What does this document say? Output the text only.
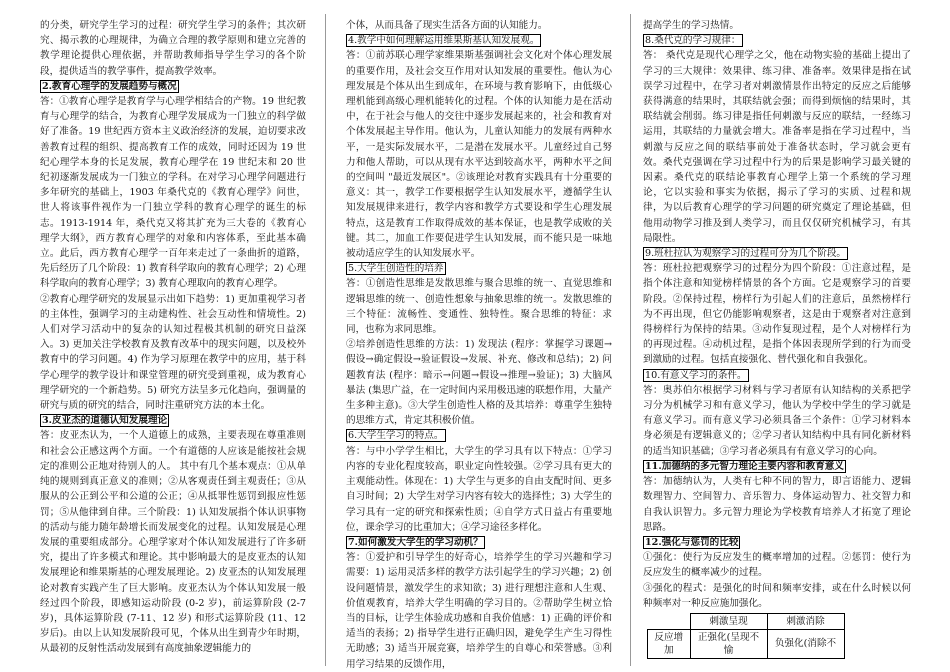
的分类，研究学生学习的过程：研究学生学习的条件；其次研究、揭示教的心理规律，为确立合理的教学原则和建立完善的教学理论提供心理依据，并帮助教师指导学生学习的各个阶段，提供适当的教学事件，提高教学效率。

2.教育心理学的发展趋势与概况

答：①教育心理学是教育学与心理学相结合的产物。19 世纪教育与心理学的结合，为教育心理学发展成为一门独立的科学做好了准备。19 世纪西方资本主义政治经济的发展，迫切要求改善教育过程的组织、提高教育工作的成效，同时还因为 19 世纪心理学本身的长足发展，教育心理学在 19 世纪末和 20 世纪初逐渐发展成为一门独立的学科。在对学习心理学问题进行多年研究的基础上，1903 年桑代克的《教育心理学》问世，世人将该事件视作为一门独立学科的教育心理学的诞生的标志。1913-1914 年，桑代克又将其扩充为三大卷的《教育心理学大纲》，西方教育心理学的对象和内容体系，至此基本确立。此后，西方教育心理学一百年来走过了一条曲折的道路，先后经历了几个阶段：1) 教育科学取向的教育心理学；2) 心理科学取向的教育心理学；3) 教育心理取向的教育心理学。

②教育心理学研究的发展显示出如下趋势：1) 更加重视学习者的主体性，强调学习的主动建构性、社会互动性和情境性。2) 人们对学习活动中的复杂的认知过程极其机制的研究日益深入。3) 更加关注学校教育及教育改革中的现实问题，以及校外教育中的学习问题。4) 作为学习原理在教学中的应用，基于科学心理学的教学设计和课堂管理的研究受到重视，成为教育心理学研究的一个新趋势。5) 研究方法呈多元化趋向，强调量的研究与质的研究的结合，同时注重研究方法的本土化。

3.皮亚杰的道德认知发展理论

答：皮亚杰认为，一个人道德上的成熟，主要表现在尊重准则和社会公正感这两个方面。一个有道德的人应该是能按社会规定的准则公正地对待别人的人。 其中有几个基本观点：①从单纯的规则到真正意义的准则；②从客观责任到主观责任；③从服从的公正到公平和公道的公正；④从抵罪性惩罚到报应性惩罚；⑤从他律到自律。三个阶段：1) 认知发展指个体认识事物的活动与能力随年龄增长而发展变化的过程。认知发展是心理发展的重要组成部分。心理学家对个体认知发展进行了许多研究，提出了许多模式和理论。其中影响最大的是皮亚杰的认知发展理论和维果斯基的心理发展理论。2) 皮亚杰的认知发展理论对教育实践产生了巨大影响。皮亚杰认为个体认知发展一般经过四个阶段，即感知运动阶段 (0-2 岁)，前运算阶段 (2-7 岁)，具体运算阶段 (7-11、12 岁) 和形式运算阶段 (11、12 岁后)。由以上认知发展阶段可见，个体从出生到青少年时期，从最初的反射性活动发展到有高度抽象逻辑能力的

个体，从而具备了现实生活各方面的认知能力。

4.教学中如何理解运用维果斯基认知发展观。

答：①前苏联心理学家维果斯基强调社会文化对个体心理发展的重要作用，及社会交互作用对认知发展的重要性。他认为心理发展是个体从出生到成年，在环境与教育影响下，由低级心理机能到高级心理机能转化的过程。个体的认知能力是在活动中，在于社会与他人的交往中逐步发展起来的，社会和教育对个体发展起主导作用。他认为，儿童认知能力的发展有两种水平，一是实际发展水平，二是潜在发展水平。儿童经过自己努力和他人帮助，可以从现有水平达到较高水平，两种水平之间的空间叫 "最近发展区"。②该理论对教育实践具有十分重要的意义：其一，教学工作要根据学生认知发展水平，遵循学生认知发展规律来进行，教学内容和教学方式要设和学生心理发展特点，这是教育工作取得成效的基本保证，也是教学成败的关键。其二，加血工作要促进学生认知发展，而不能只是一味地被动适应学生的认知发展水平。

5.大学生创造性的培养

答：①创造性思维是发散思维与聚合思维的统一、直觉思维和逻辑思维的统一、创造性想象与抽象思维的统一。发散思维的三个特征：流畅性、变通性、独特性。聚合思维的特征：求同，也称为求同思维。

②培养创造性思维的方法：1) 发现法 (程序：掌握学习课题→假设→确定假设→验证假设→发展、补充、修改和总结)；2) 问题教育法 (程序：暗示→问题→假设→推理→验证)；3) 大脑风暴法 (集思广益，在一定时间内采用极迅速的联想作用，大量产生多种主意)。③大学生创造性人格的及其培养：尊重学生独特的思维方式，肯定其积极价值。

6.大学生学习的特点。

答：与中小学学生相比，大学生的学习具有以下特点：①学习内容的专业化程度较高，职业定向性较强。②学习具有更大的主观能动性。体现在：1) 大学生与更多的自由支配时间、更多自习时间；2) 大学生对学习内容有较大的选择性；3) 大学生的学习具有一定的研究和探索性质；④自学方式日益占有重要地位，课余学习的比重加大；④学习途径多样化。

7.如何激发大学生的学习动机？

答：①爱护和引导学生的好奇心，培养学生的学习兴趣和学习需要：1) 运用灵活多样的教学方法引起学生的学习兴趣；2) 创设问题情景，激发学生的求知欲；3) 进行理想注意和人生观、价值观教育，培养大学生明确的学习目的。②帮助学生树立恰当的目标，让学生体验成功感和自我价值感：1) 正确的评价和适当的表扬；2) 指导学生进行正确归因，避免学生产生习得性无助感；3) 适当开展竞赛，培养学生的自尊心和荣誉感。③利用学习结果的反馈作用，

提高学生的学习热情。

8.桑代克的学习规律：

答： 桑代克是现代心理学之父，他在动物实验的基础上提出了学习的三大规律：效果律、练习律、准备率。效果律是指在试误学习过程中，在学习者对刺激情景作出特定的反应之后能够获得满意的结果时，其联结就会强；而得到烦恼的结果时，其联结就会削弱。练习律是指任何刺激与反应的联结，一经练习运用，其联结的力量就会增大。准备率是指在学习过程中，当刺激与反应之间的联结事前处于准备状态时，学习就会更有效。桑代克强调在学习过程中行为的后果是影响学习最关键的因素。桑代克的联结论事教育心理学上第一个系统的学习理论，它以实验和事实为依据，揭示了学习的实质、过程和规律，为以后教育心理学的学习问题的研究奠定了理论基础，但他用动物学习推及到人类学习，而且仅仅研究机械学习，有其局限性。

9.班杜拉认为观察学习的过程可分为几个阶段。

答：班杜拉把观察学习的过程分为四个阶段：①注意过程，是指个体注意和知觉榜样情景的各个方面。它是观察学习的首要阶段。②保持过程，榜样行为引起人们的注意后，虽然榜样行为不再出现，但它仍能影响观察者，这是由于观察者对注意到得榜样行为保持的结果。③动作复现过程，是个人对榜样行为的再现过程。④动机过程，是指个体因表现所学到的行为而受到激励的过程。包括直接强化、替代强化和自我强化。

10.有意义学习的条件。

答：奥苏伯尔根据学习材料与学习者原有认知结构的关系把学习分为机械学习和有意义学习，他认为学校中学生的学习就是有意义学习。而有意义学习必须具备三个条件：①学习材料本身必须是有逻辑意义的；②学习者认知结构中具有同化新材料的适当知识基础；③学习者必须具有有意义学习的心向。

11.加德纳的多元智力理论主要内容和教育意义

答：加德纳认为，人类有七种不同的智力，即言语能力、逻辑数理智力、空间智力、音乐智力、身体运动智力、社交智力和自我认识智力。多元智力理论为学校教育培养人才拓宽了理论思路。

12.强化与惩罚的比较

①强化：使行为反应发生的概率增加的过程。②惩罚：使行为反应发生的概率减少的过程。

③强化的程式：是强化的时间和频率安排，或在什么时候以何种频率对一种反应施加强化。

	刺激呈现	刺激消除
反应增加	正强化(呈现不愉	负强化(消除不
